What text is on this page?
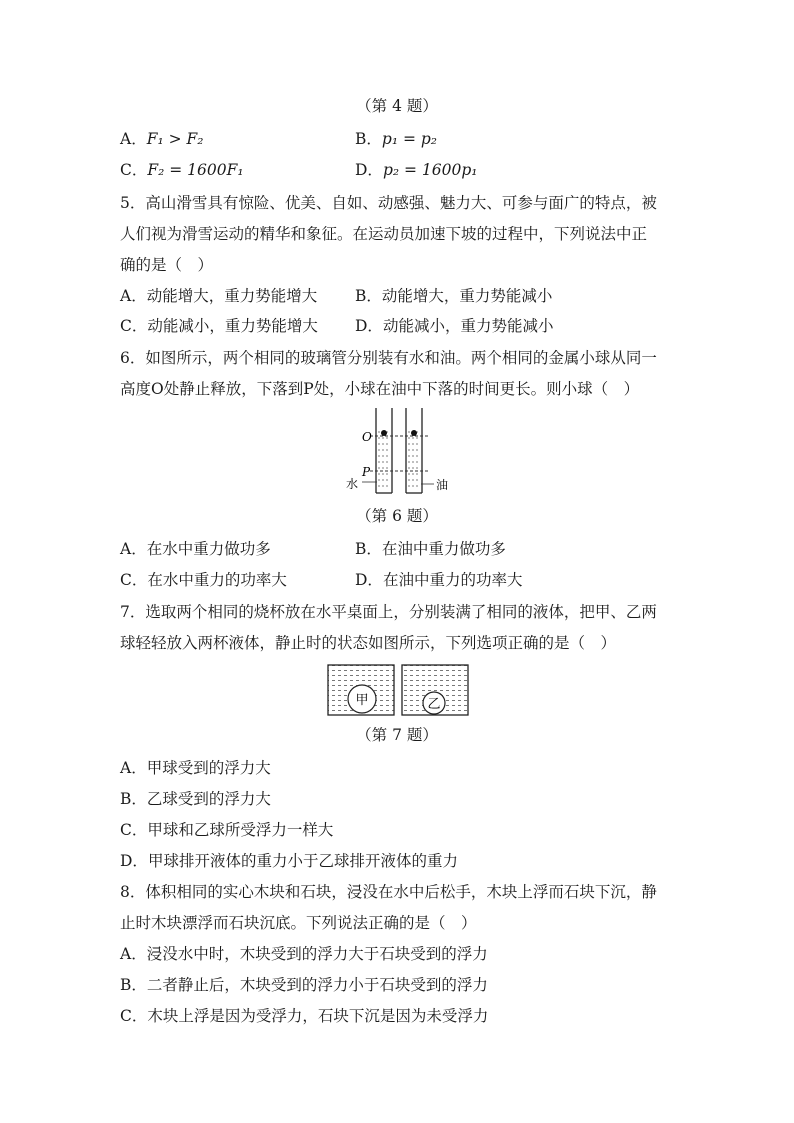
（第 4 题）
A．F₁ > F₂	B．p₁ = p₂
C．F₂ = 1600F₁	D．p₂ = 1600p₁
5．高山滑雪具有惊险、优美、自如、动感强、魅力大、可参与面广的特点，被
人们视为滑雪运动的精华和象征。在运动员加速下坡的过程中，下列说法中正
确的是（　）
A．动能增大，重力势能增大 B．动能增大，重力势能减小
C．动能减小，重力势能增大 D．动能减小，重力势能减小
6．如图所示，两个相同的玻璃管分别装有水和油。两个相同的金属小球从同一
高度O处静止释放，下落到P处，小球在油中下落的时间更长。则小球（　）
O
P
水	油
（第 6 题）
A．在水中重力做功多	B．在油中重力做功多
C．在水中重力的功率大	D．在油中重力的功率大
7．选取两个相同的烧杯放在水平桌面上，分别装满了相同的液体，把甲、乙两
球轻轻放入两杯液体，静止时的状态如图所示，下列选项正确的是（　）
甲	乙
（第 7 题）
A．甲球受到的浮力大
B．乙球受到的浮力大
C．甲球和乙球所受浮力一样大
D．甲球排开液体的重力小于乙球排开液体的重力
8．体积相同的实心木块和石块，浸没在水中后松手，木块上浮而石块下沉，静
止时木块漂浮而石块沉底。下列说法正确的是（　）
A．浸没水中时，木块受到的浮力大于石块受到的浮力
B．二者静止后，木块受到的浮力小于石块受到的浮力
C．木块上浮是因为受浮力，石块下沉是因为未受浮力
